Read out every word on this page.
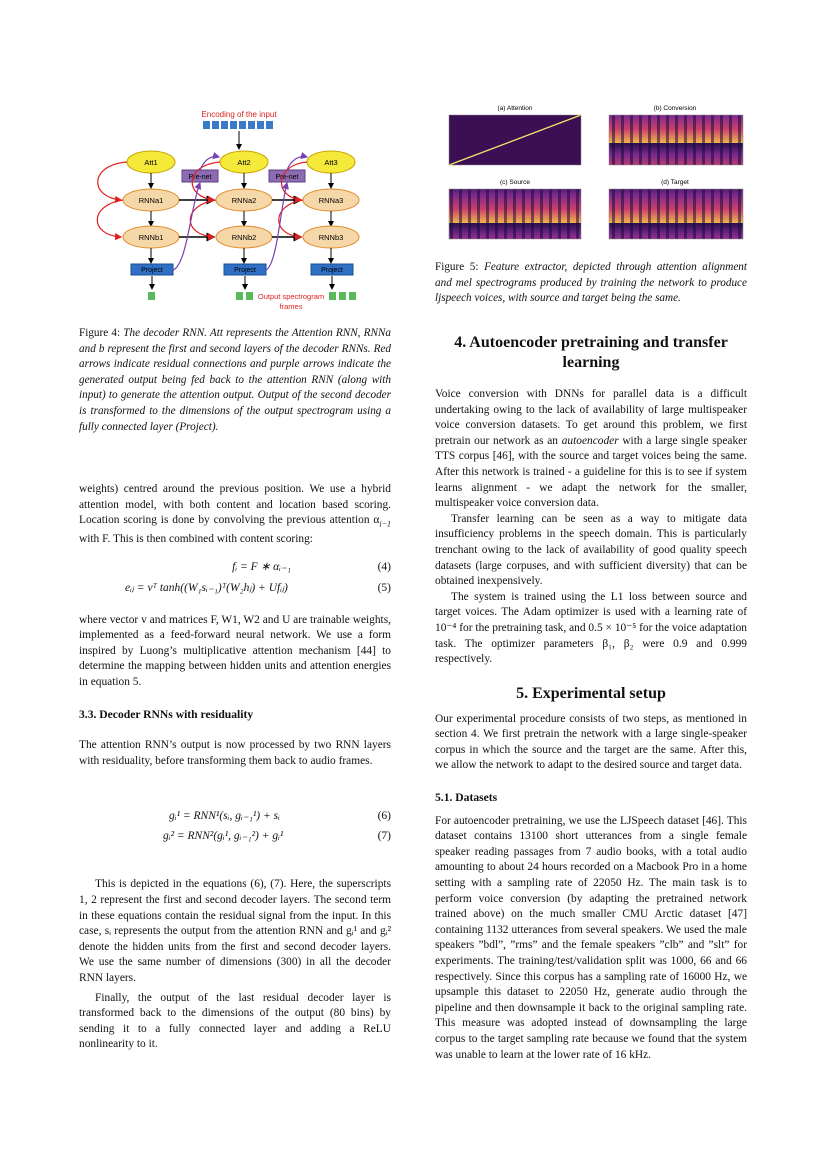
Encoding of the input
Att1	Att2	Att3
Pre-net	Pre-net
RNNa1	RNNa2	RNNa3
RNNb1	RNNb2	RNNb3
Project	Project	Project
Output spectrogram
frames
Figure 4: The decoder RNN. Att represents the Attention RNN, RNNa and b represent the first and second layers of the decoder RNNs. Red arrows indicate residual connections and purple arrows indicate the generated output being fed back to the attention RNN (along with input) to generate the attention output. Output of the second decoder is transformed to the dimensions of the output spectrogram using a fully connected layer (Project).

weights) centred around the previous position. We use a hybrid attention model, with both content and location based scoring. Location scoring is done by convolving the previous attention $\alpha_{i-1}$ with F. This is then combined with content scoring:

fᵢ = F ∗ αᵢ₋₁	(4)
eᵢⱼ = vᵀ tanh((W₁sᵢ₋₁)ᵀ(W₂hⱼ) + Ufᵢⱼ)	(5)

where vector v and matrices F, W1, W2 and U are trainable weights, implemented as a feed-forward neural network. We use a form inspired by Luong’s multiplicative attention mechanism [44] to determine the mapping between hidden units and attention energies in equation 5.

3.3. Decoder RNNs with residuality

The attention RNN’s output is now processed by two RNN layers with residuality, before transforming them back to audio frames.

gᵢ¹ = RNN¹(sᵢ, gᵢ₋₁¹) + sᵢ	(6)
gᵢ² = RNN²(gᵢ¹, gᵢ₋₁²) + gᵢ¹	(7)

This is depicted in the equations (6), (7). Here, the superscripts 1, 2 represent the first and second decoder layers. The second term in these equations contain the residual signal from the input. In this case, sᵢ represents the output from the attention RNN and gᵢ¹ and gᵢ² denote the hidden units from the first and second decoder layers. We use the same number of dimensions (300) in all the decoder RNN layers.

Finally, the output of the last residual decoder layer is transformed back to the dimensions of the output (80 bins) by sending it to a fully connected layer and adding a ReLU nonlinearity to it.

(a) Attention	(b) Conversion
(c) Source	(d) Target
Figure 5: Feature extractor, depicted through attention alignment and mel spectrograms produced by training the network to produce ljspeech voices, with source and target being the same.

4. Autoencoder pretraining and transfer learning

Voice conversion with DNNs for parallel data is a difficult undertaking owing to the lack of availability of large multispeaker voice conversion datasets. To get around this problem, we first pretrain our network as an autoencoder with a large single speaker TTS corpus [46], with the source and target voices being the same. After this network is trained - a guideline for this is to see if system learns alignment - we adapt the network for the smaller, multispeaker voice conversion data.

Transfer learning can be seen as a way to mitigate data insufficiency problems in the speech domain. This is particularly trenchant owing to the lack of availability of good quality speech datasets (large corpuses, and with sufficient diversity) that can be obtained inexpensively.

The system is trained using the L1 loss between source and target voices. The Adam optimizer is used with a learning rate of 10⁻⁴ for the pretraining task, and 0.5 × 10⁻⁵ for the voice adaptation task. The optimizer parameters β₁, β₂ were 0.9 and 0.999 respectively.

5. Experimental setup

Our experimental procedure consists of two steps, as mentioned in section 4. We first pretrain the network with a large single-speaker corpus in which the source and the target are the same. After this, we allow the network to adapt to the desired source and target data.

5.1. Datasets

For autoencoder pretraining, we use the LJSpeech dataset [46]. This dataset contains 13100 short utterances from a single female speaker reading passages from 7 audio books, with a total audio amounting to about 24 hours recorded on a Macbook Pro in a home setting with a sampling rate of 22050 Hz. The main task is to perform voice conversion (by adapting the pretrained network trained above) on the much smaller CMU Arctic dataset [47] containing 1132 utterances from several speakers. We used the male speakers ”bdl”, ”rms” and the female speakers ”clb” and ”slt” for experiments. The training/test/validation split was 1000, 66 and 66 respectively. Since this corpus has a sampling rate of 16000 Hz, we upsample this dataset to 22050 Hz, generate audio through the pipeline and then downsample it back to the original sampling rate. This measure was adopted instead of downsampling the large corpus to the target sampling rate because we found that the system was unable to learn at the lower rate of 16 kHz.
